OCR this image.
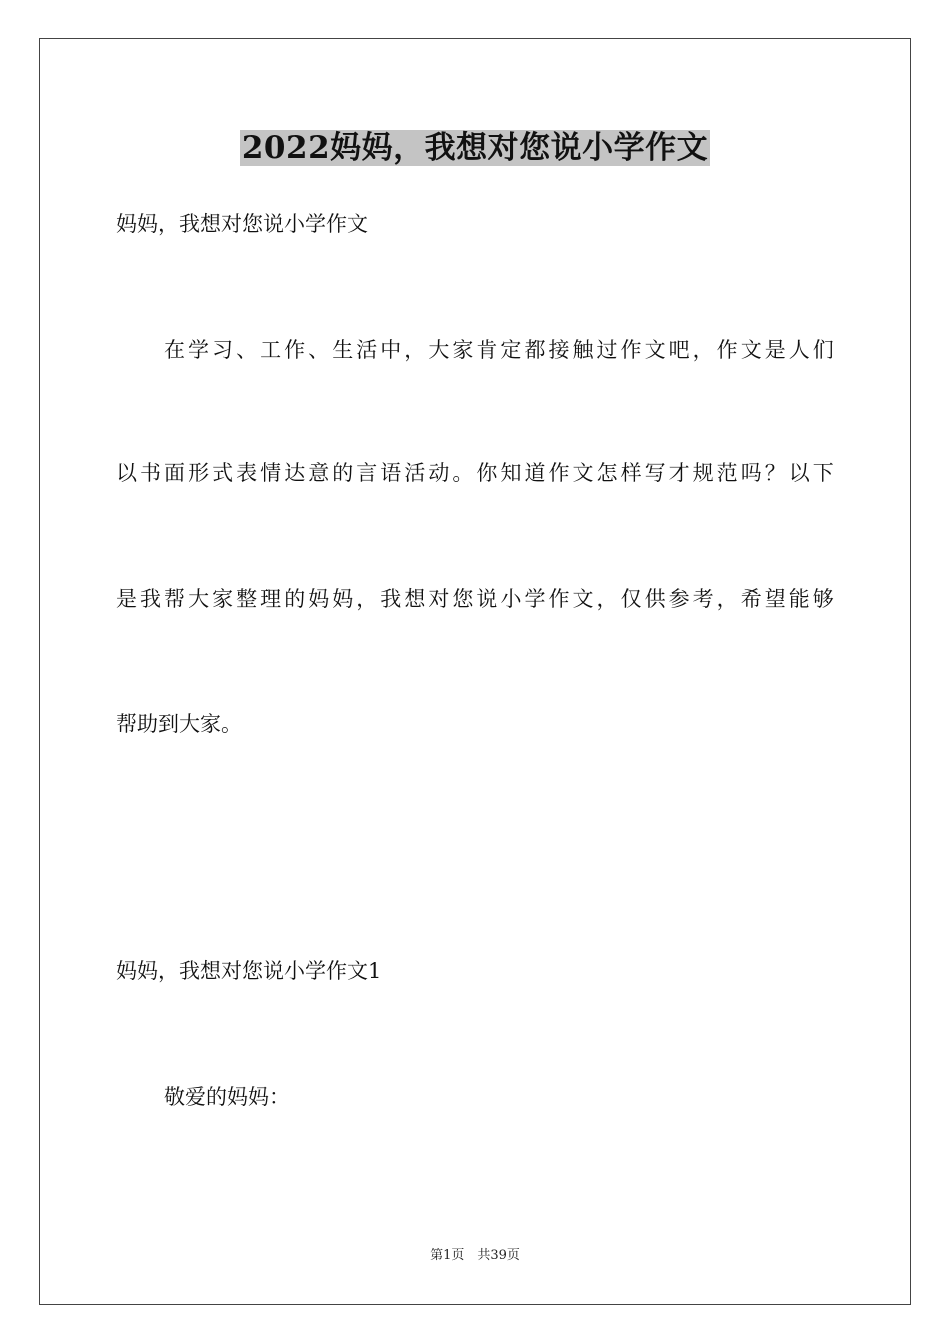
2022妈妈，我想对您说小学作文
妈妈，我想对您说小学作文
在学习、工作、生活中，大家肯定都接触过作文吧，作文是人们
以书面形式表情达意的言语活动。你知道作文怎样写才规范吗？以下
是我帮大家整理的妈妈，我想对您说小学作文，仅供参考，希望能够
帮助到大家。
妈妈，我想对您说小学作文1
敬爱的妈妈：
第1页　共39页
